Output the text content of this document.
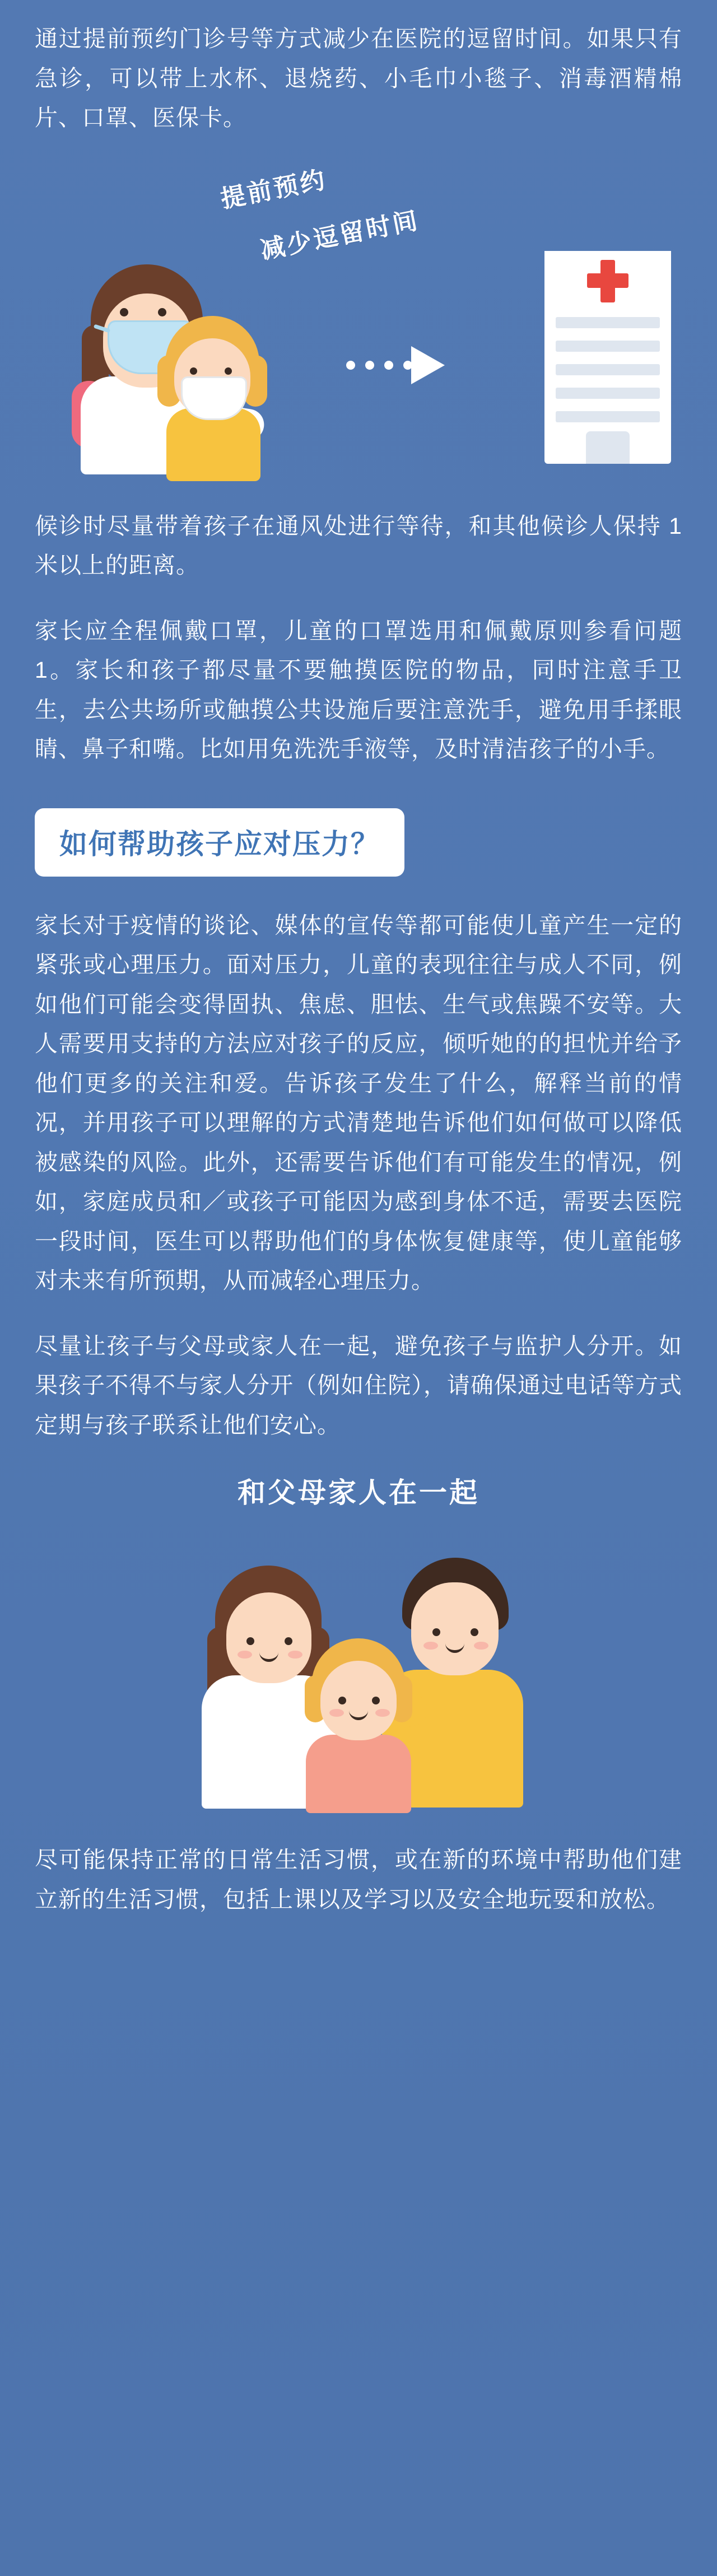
通过提前预约门诊号等方式减少在医院的逗留时间。如果只有急诊，可以带上水杯、退烧药、小毛巾小毯子、消毒酒精棉片、口罩、医保卡。

提前预约
减少逗留时间

候诊时尽量带着孩子在通风处进行等待，和其他候诊人保持 1 米以上的距离。

家长应全程佩戴口罩，儿童的口罩选用和佩戴原则参看问题 1。家长和孩子都尽量不要触摸医院的物品，同时注意手卫生，去公共场所或触摸公共设施后要注意洗手，避免用手揉眼睛、鼻子和嘴。比如用免洗洗手液等，及时清洁孩子的小手。

如何帮助孩子应对压力？

家长对于疫情的谈论、媒体的宣传等都可能使儿童产生一定的紧张或心理压力。面对压力，儿童的表现往往与成人不同，例如他们可能会变得固执、焦虑、胆怯、生气或焦躁不安等。大人需要用支持的方法应对孩子的反应，倾听她的的担忧并给予他们更多的关注和爱。告诉孩子发生了什么，解释当前的情况，并用孩子可以理解的方式清楚地告诉他们如何做可以降低被感染的风险。此外，还需要告诉他们有可能发生的情况，例如，家庭成员和／或孩子可能因为感到身体不适，需要去医院一段时间，医生可以帮助他们的身体恢复健康等，使儿童能够对未来有所预期，从而减轻心理压力。

尽量让孩子与父母或家人在一起，避免孩子与监护人分开。如果孩子不得不与家人分开（例如住院），请确保通过电话等方式定期与孩子联系让他们安心。

和父母家人在一起

尽可能保持正常的日常生活习惯，或在新的环境中帮助他们建立新的生活习惯，包括上课以及学习以及安全地玩耍和放松。
